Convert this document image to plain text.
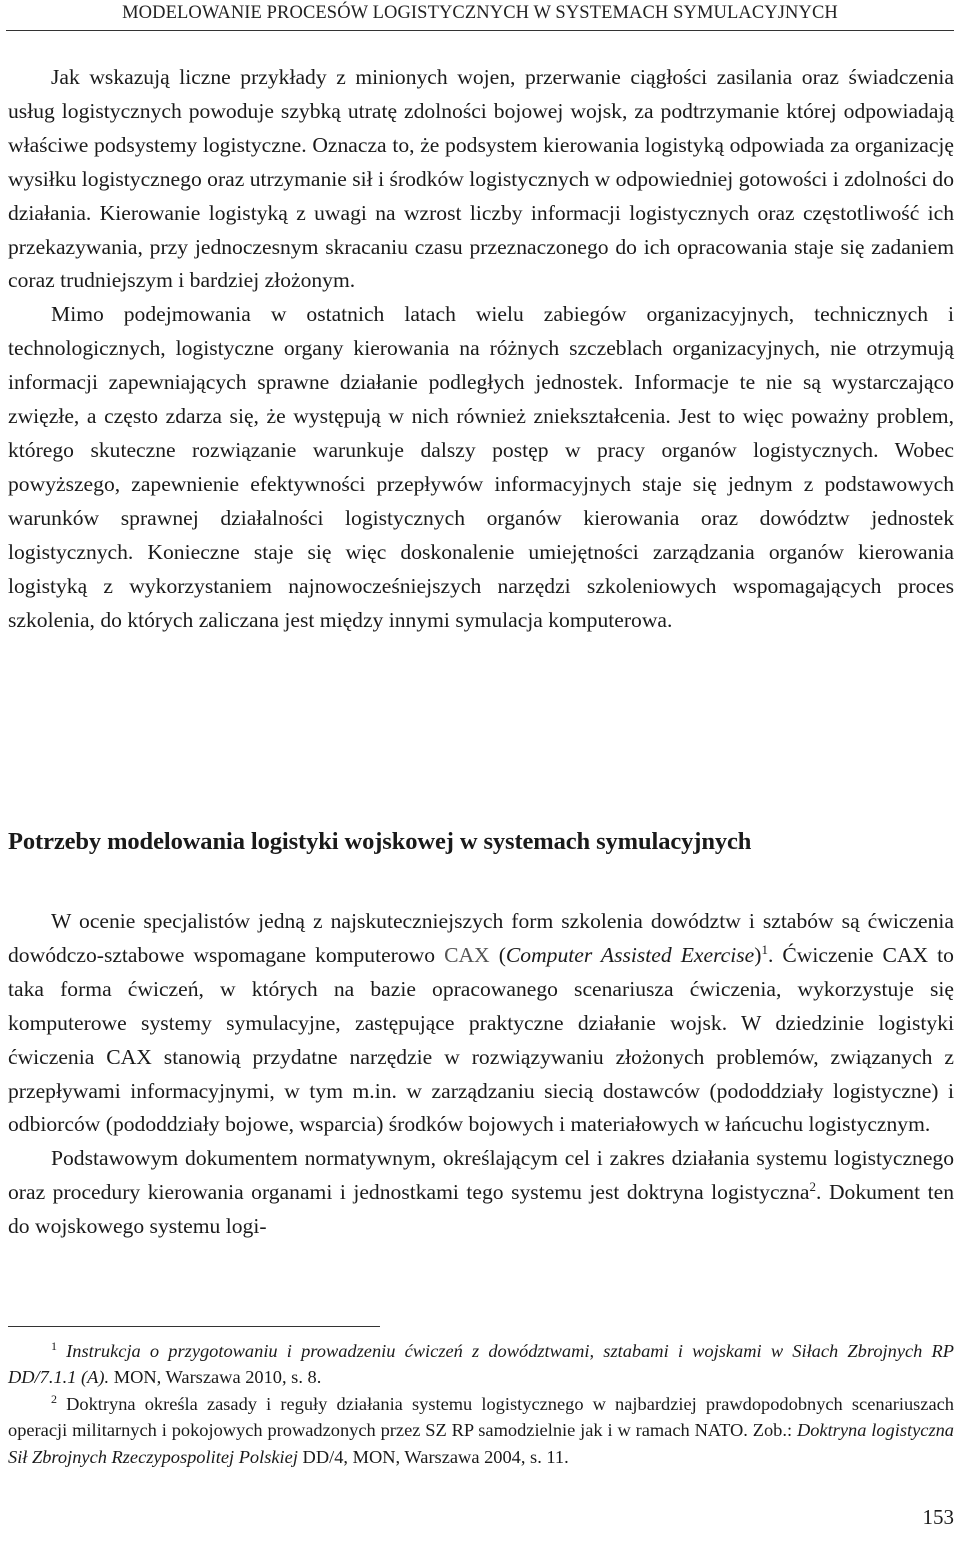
MODELOWANIE PROCESÓW LOGISTYCZNYCH W SYSTEMACH SYMULACYJNYCH

Jak wskazują liczne przykłady z minionych wojen, przerwanie ciągłości zasilania oraz świadczenia usług logistycznych powoduje szybką utratę zdolności bojowej wojsk, za podtrzymanie której odpowiadają właściwe podsystemy logistyczne. Oznacza to, że podsystem kierowania logistyką odpowiada za organizację wysiłku logistycznego oraz utrzymanie sił i środków logistycznych w odpowiedniej gotowości i zdolności do działania. Kierowanie logistyką z uwagi na wzrost liczby informacji logistycznych oraz częstotliwość ich przekazywania, przy jednoczesnym skracaniu czasu przeznaczonego do ich opracowania staje się zadaniem coraz trudniejszym i bardziej złożonym.

Mimo podejmowania w ostatnich latach wielu zabiegów organizacyjnych, technicznych i technologicznych, logistyczne organy kierowania na różnych szczeblach organizacyjnych, nie otrzymują informacji zapewniających sprawne działanie podległych jednostek. Informacje te nie są wystarczająco zwięzłe, a często zdarza się, że występują w nich również zniekształcenia. Jest to więc poważny problem, którego skuteczne rozwiązanie warunkuje dalszy postęp w pracy organów logistycznych. Wobec powyższego, zapewnienie efektywności przepływów informacyjnych staje się jednym z podstawowych warunków sprawnej działalności logistycznych organów kierowania oraz dowództw jednostek logistycznych. Konieczne staje się więc doskonalenie umiejętności zarządzania organów kierowania logistyką z wykorzystaniem najnowocześniejszych narzędzi szkoleniowych wspomagających proces szkolenia, do których zaliczana jest między innymi symulacja komputerowa.

Potrzeby modelowania logistyki wojskowej w systemach symulacyjnych

W ocenie specjalistów jedną z najskuteczniejszych form szkolenia dowództw i sztabów są ćwiczenia dowódczo-sztabowe wspomagane komputerowo CAX (Computer Assisted Exercise)$^1$. Ćwiczenie CAX to taka forma ćwiczeń, w których na bazie opracowanego scenariusza ćwiczenia, wykorzystuje się komputerowe systemy symulacyjne, zastępujące praktyczne działanie wojsk. W dziedzinie logistyki ćwiczenia CAX stanowią przydatne narzędzie w rozwiązywaniu złożonych problemów, związanych z przepływami informacyjnymi, w tym m.in. w zarządzaniu siecią dostawców (pododdziały logistyczne) i odbiorców (pododdziały bojowe, wsparcia) środków bojowych i materiałowych w łańcuchu logistycznym.

Podstawowym dokumentem normatywnym, określającym cel i zakres działania systemu logistycznego oraz procedury kierowania organami i jednostkami tego systemu jest doktryna logistyczna$^2$. Dokument ten do wojskowego systemu logi-

$^1$ Instrukcja o przygotowaniu i prowadzeniu ćwiczeń z dowództwami, sztabami i wojskami w Siłach Zbrojnych RP DD/7.1.1 (A). MON, Warszawa 2010, s. 8.

$^2$ Doktryna określa zasady i reguły działania systemu logistycznego w najbardziej prawdopodobnych scenariuszach operacji militarnych i pokojowych prowadzonych przez SZ RP samodzielnie jak i w ramach NATO. Zob.: Doktryna logistyczna Sił Zbrojnych Rzeczypospolitej Polskiej DD/4, MON, Warszawa 2004, s. 11.

153
